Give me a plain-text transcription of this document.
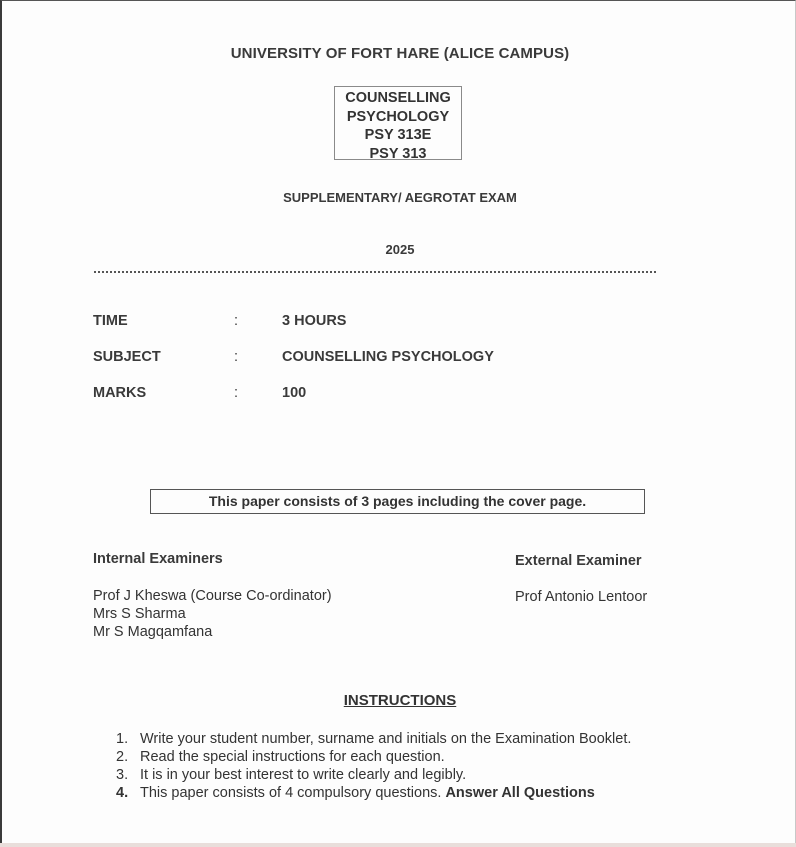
UNIVERSITY OF FORT HARE (ALICE CAMPUS)
COUNSELLING
PSYCHOLOGY
PSY 313E
PSY 313
SUPPLEMENTARY/ AEGROTAT EXAM
2025
TIME	:	3 HOURS
SUBJECT	:	COUNSELLING PSYCHOLOGY
MARKS	:	100
This paper consists of 3 pages including the cover page.
Internal Examiners
Prof J Kheswa (Course Co-ordinator)
Mrs S Sharma
Mr S Magqamfana
External Examiner
Prof Antonio Lentoor
INSTRUCTIONS
1. Write your student number, surname and initials on the Examination Booklet.
2. Read the special instructions for each question.
3. It is in your best interest to write clearly and legibly.
4. This paper consists of 4 compulsory questions. Answer All Questions
